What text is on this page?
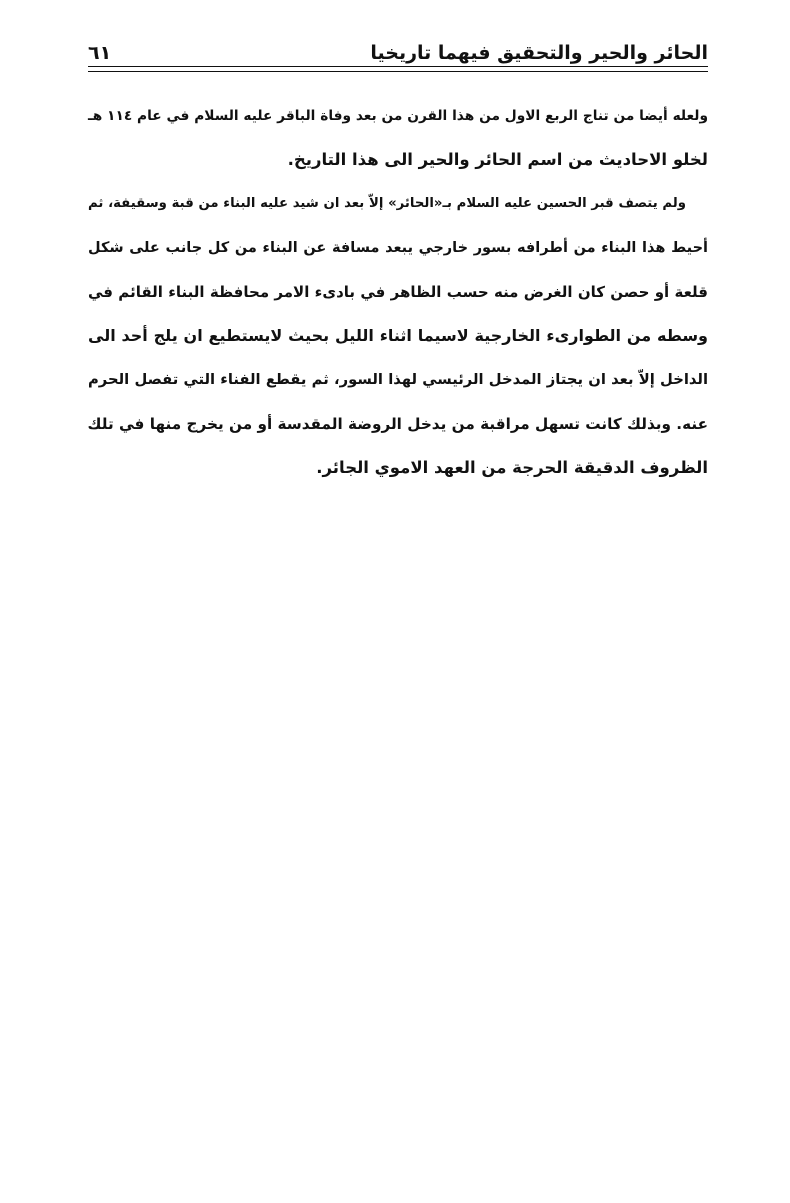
الحائر والحير والتحقيق فيهما تاريخيا
٦١
ولعله أيضا من تناج الربع الاول من هذا القرن من بعد وفاة الباقر عليه السلام في عام ١١٤ هـ
لخلو الاحاديث من اسم الحائر والحير الى هذا التاريخ.
ولم يتصف قبر الحسين عليه السلام بـ«الحائر» إلاّ بعد ان شيد عليه البناء من قبة وسقيفة، ثم
أحيط هذا البناء من أطرافه بسور خارجي يبعد مسافة عن البناء من كل جانب على شكل
قلعة أو حصن كان الغرض منه حسب الظاهر في بادىء الامر محافظة البناء القائم في
وسطه من الطوارىء الخارجية لاسيما اثناء الليل بحيث لايستطيع ان يلج أحد الى
الداخل إلاّ بعد ان يجتاز المدخل الرئيسي لهذا السور، ثم يقطع الفناء التي تفصل الحرم
عنه. وبذلك كانت تسهل مراقبة من يدخل الروضة المقدسة أو من يخرج منها في تلك
الظروف الدقيقة الحرجة من العهد الاموي الجائر.
